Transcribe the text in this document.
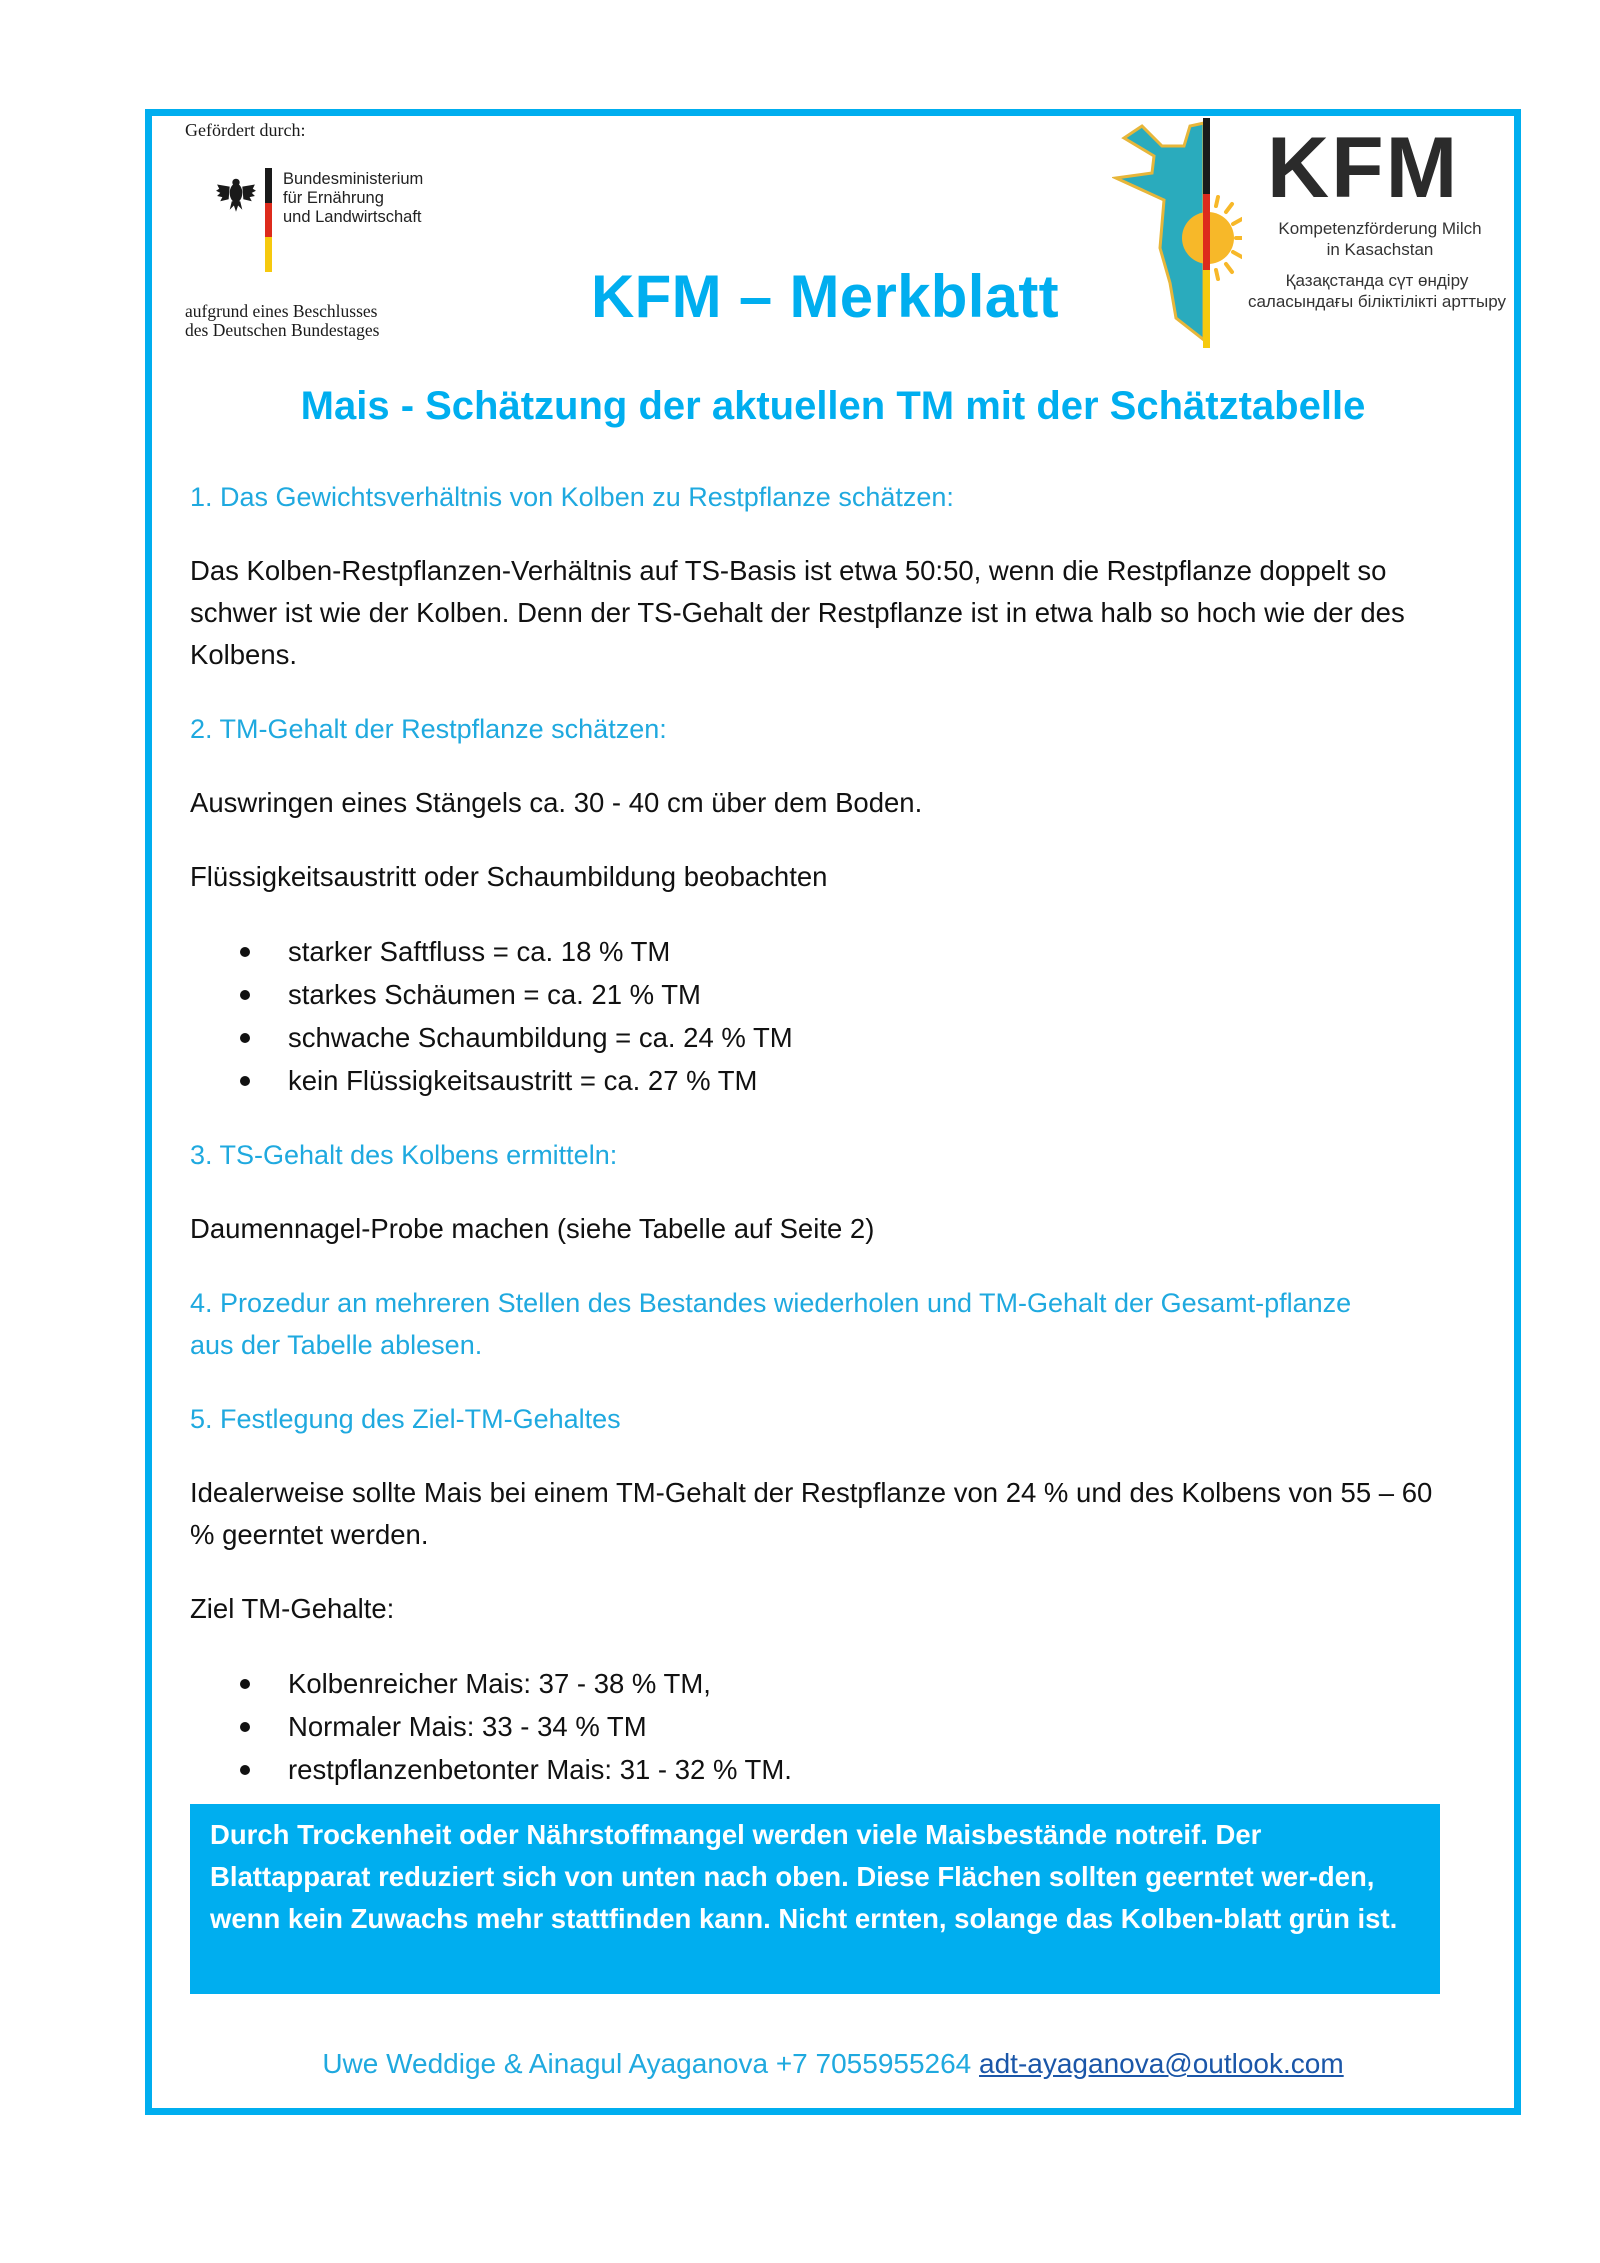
Gefördert durch:
Bundesministerium
für Ernährung
und Landwirtschaft
aufgrund eines Beschlusses
des Deutschen Bundestages	KFM – Merkblatt
KFM
Kompetenzförderung Milch
in Kasachstan
Қазақстанда сүт өндіру
саласындағы біліктілікті арттыру
Mais - Schätzung der aktuellen TM mit der Schätztabelle

1. Das Gewichtsverhältnis von Kolben zu Restpflanze schätzen:

Das Kolben-Restpflanzen-Verhältnis auf TS-Basis ist etwa 50:50, wenn die Restpflanze doppelt so schwer ist wie der Kolben. Denn der TS-Gehalt der Restpflanze ist in etwa halb so hoch wie der des Kolbens.

2. TM-Gehalt der Restpflanze schätzen:

Auswringen eines Stängels ca. 30 - 40 cm über dem Boden.

Flüssigkeitsaustritt oder Schaumbildung beobachten

starker Saftfluss = ca. 18 % TM
starkes Schäumen = ca. 21 % TM
schwache Schaumbildung = ca. 24 % TM
kein Flüssigkeitsaustritt = ca. 27 % TM

3. TS-Gehalt des Kolbens ermitteln:

Daumennagel-Probe machen (siehe Tabelle auf Seite 2)

4. Prozedur an mehreren Stellen des Bestandes wiederholen und TM-Gehalt der Gesamt-pflanze aus der Tabelle ablesen.

5. Festlegung des Ziel-TM-Gehaltes

Idealerweise sollte Mais bei einem TM-Gehalt der Restpflanze von 24 % und des Kolbens von 55 – 60 % geerntet werden.

Ziel TM-Gehalte:

Kolbenreicher Mais: 37 - 38 % TM,
Normaler Mais: 33 - 34 % TM
restpflanzenbetonter Mais: 31 - 32 % TM.

Durch Trockenheit oder Nährstoffmangel werden viele Maisbestände notreif. Der Blattapparat reduziert sich von unten nach oben. Diese Flächen sollten geerntet wer-den, wenn kein Zuwachs mehr stattfinden kann. Nicht ernten, solange das Kolben-blatt grün ist.

Uwe Weddige & Ainagul Ayaganova +7 7055955264 adt-ayaganova@outlook.com
